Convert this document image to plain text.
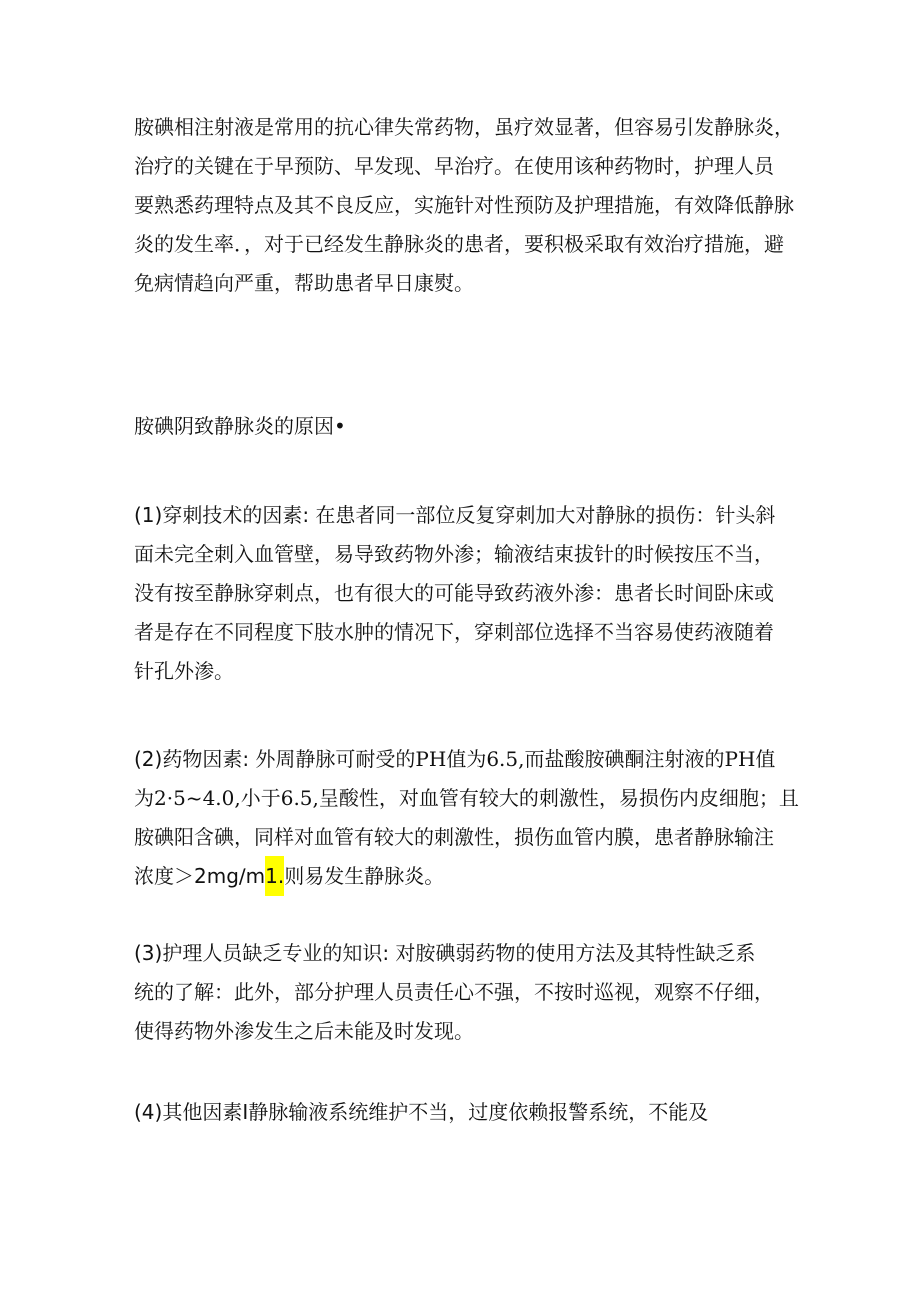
胺碘相注射液是常用的抗心律失常药物，虽疗效显著，但容易引发静脉炎，
治疗的关键在于早预防、早发现、早治疗。在使用该种药物时，护理人员
要熟悉药理特点及其不良反应，实施针对性预防及护理措施，有效降低静脉
炎的发生率．，对于已经发生静脉炎的患者，要积极采取有效治疗措施，避
免病情趋向严重，帮助患者早日康熨。
胺碘阴致静脉炎的原因•
(1)穿刺技术的因素: 在患者同一部位反复穿刺加大对静脉的损伤：针头斜
面未完全刺入血管壁，易导致药物外渗；输液结束拔针的时候按压不当，
没有按至静脉穿刺点，也有很大的可能导致药液外渗：患者长时间卧床或
者是存在不同程度下肢水肿的情况下，穿刺部位选择不当容易使药液随着
针孔外渗。
(2)药物因素: 外周静脉可耐受的PH值为6.5,而盐酸胺碘酮注射液的PH值
为2·5~4.0,小于6.5,呈酸性，对血管有较大的刺激性，易损伤内皮细胞；且
胺碘阳含碘，同样对血管有较大的刺激性，损伤血管内膜，患者静脉输注
浓度＞2mg∕m1.则易发生静脉炎。
(3)护理人员缺乏专业的知识: 对胺碘弱药物的使用方法及其特性缺乏系
统的了解：此外，部分护理人员责任心不强，不按时巡视，观察不仔细，
使得药物外渗发生之后未能及时发现。
(4)其他因素I静脉输液系统维护不当，过度依赖报警系统，不能及
